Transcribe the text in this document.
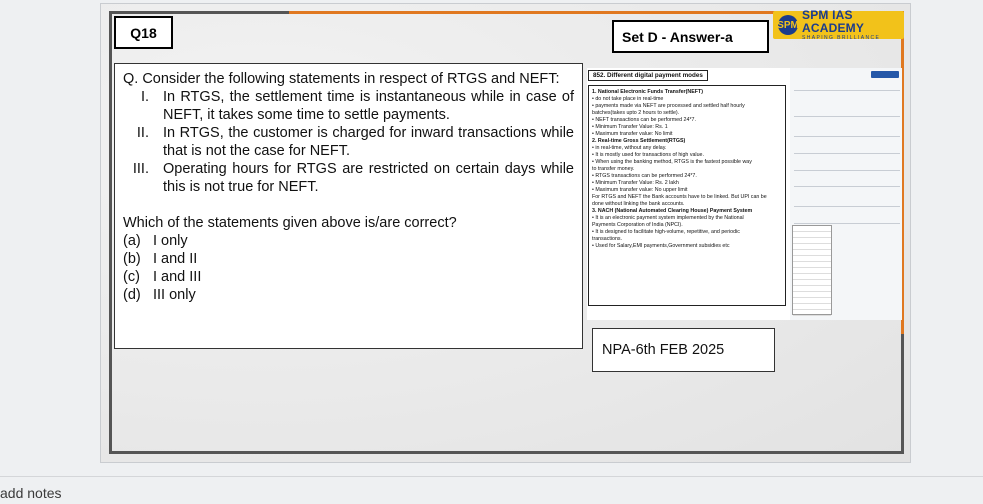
Q18	Set D - Answer-a
SPM
SPM IAS ACADEMY
SHAPING BRILLIANCE
Q. Consider the following statements in respect of RTGS and NEFT:
I. In RTGS, the settlement time is instantaneous while in case of NEFT, it takes some time to settle payments.
II. In RTGS, the customer is charged for inward transactions while that is not the case for NEFT.
III. Operating hours for RTGS are restricted on certain days while this is not true for NEFT.
Which of the statements given above is/are correct?
(a) I only
(b) I and II
(c) I and III
(d) III only
852. Different digital payment modes
1. National Electronic Funds Transfer(NEFT)
• do not take place in real-time
• payments made via NEFT are processed and settled half hourly
batches(takes upto 2 hours to settle).
• NEFT transactions can be performed 24*7.
• Minimum Transfer Value: Rs. 1
• Maximum transfer value: No limit
2. Real-time Gross Settlement(RTGS)
• in real-time, without any delay.
• It is mostly used for transactions of high value.
• When using the banking method, RTGS is the fastest possible way
to transfer money.
• RTGS transactions can be performed 24*7.
• Minimum Transfer Value: Rs. 2 lakh
• Maximum transfer value: No upper limit
For RTGS and NEFT the Bank accounts have to be linked. But UPI can be
done without linking the bank accounts.
3. NACH (National Automated Clearing House) Payment System
• It is an electronic payment system implemented by the National
Payments Corporation of India (NPCI).
• It is designed to facilitate high-volume, repetitive, and periodic
transactions.
• Used for Salary,EMI payments,Government subsidies etc
NPA-6th FEB 2025
add notes
